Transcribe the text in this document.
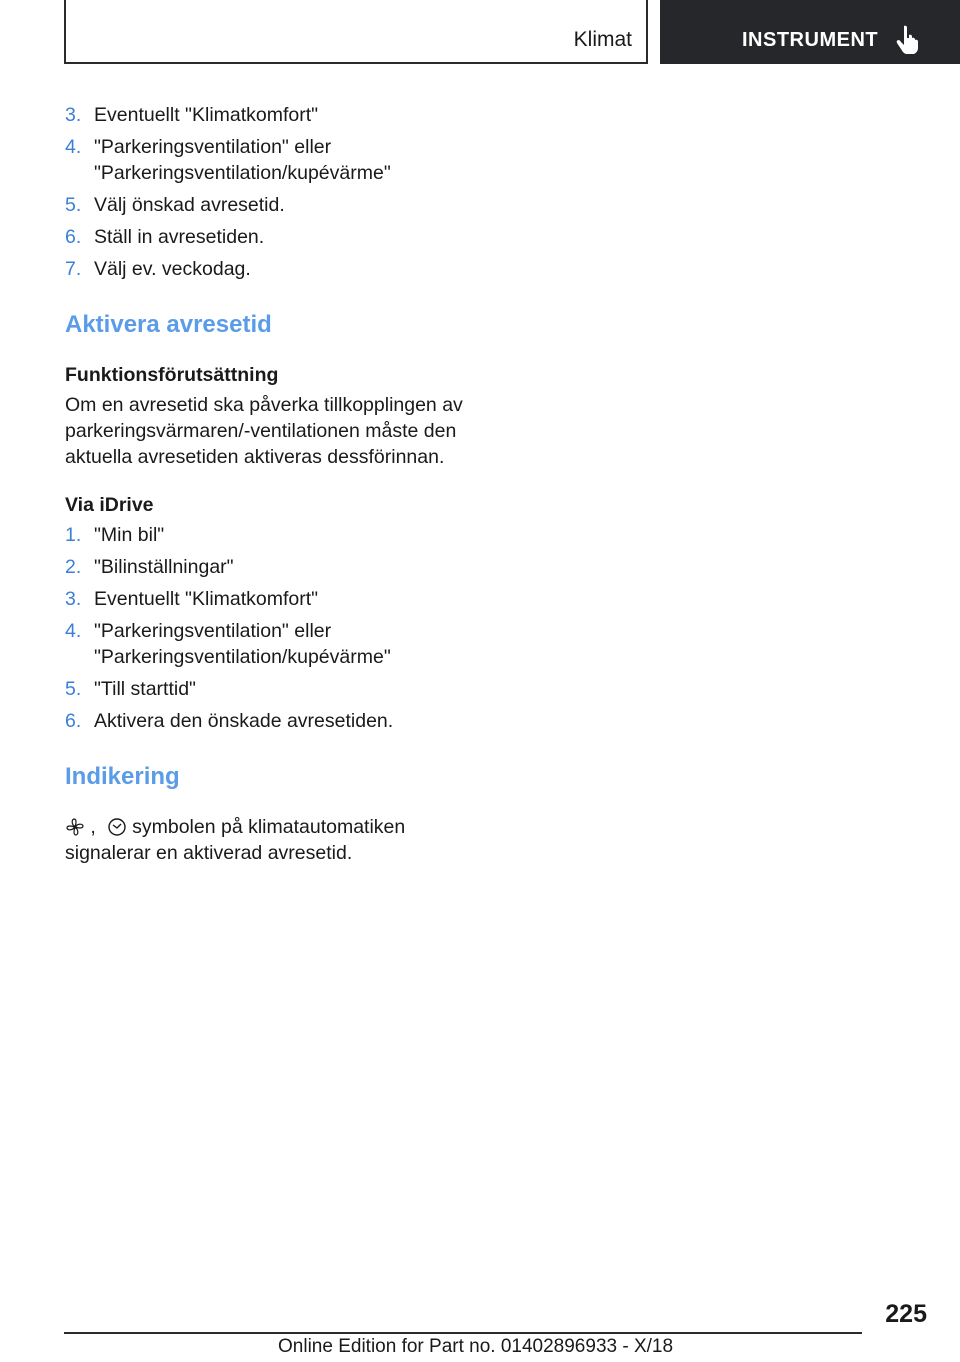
Klimat	INSTRUMENT
3. Eventuellt "Klimatkomfort"
4. "Parkeringsventilation" eller "Parkeringsventilation/kupévärme"
5. Välj önskad avresetid.
6. Ställ in avresetiden.
7. Välj ev. veckodag.
Aktivera avresetid
Funktionsförutsättning

Om en avresetid ska påverka tillkopplingen av parkeringsvärmaren/-ventilationen måste den aktuella avresetiden aktiveras dessförinnan.

Via iDrive
1. "Min bil"
2. "Bilinställningar"
3. Eventuellt "Klimatkomfort"
4. "Parkeringsventilation" eller "Parkeringsventilation/kupévärme"
5. "Till starttid"
6. Aktivera den önskade avresetiden.
Indikering

, symbolen på klimatautomatiken signalerar en aktiverad avresetid.

225
Online Edition for Part no. 01402896933 - X/18
